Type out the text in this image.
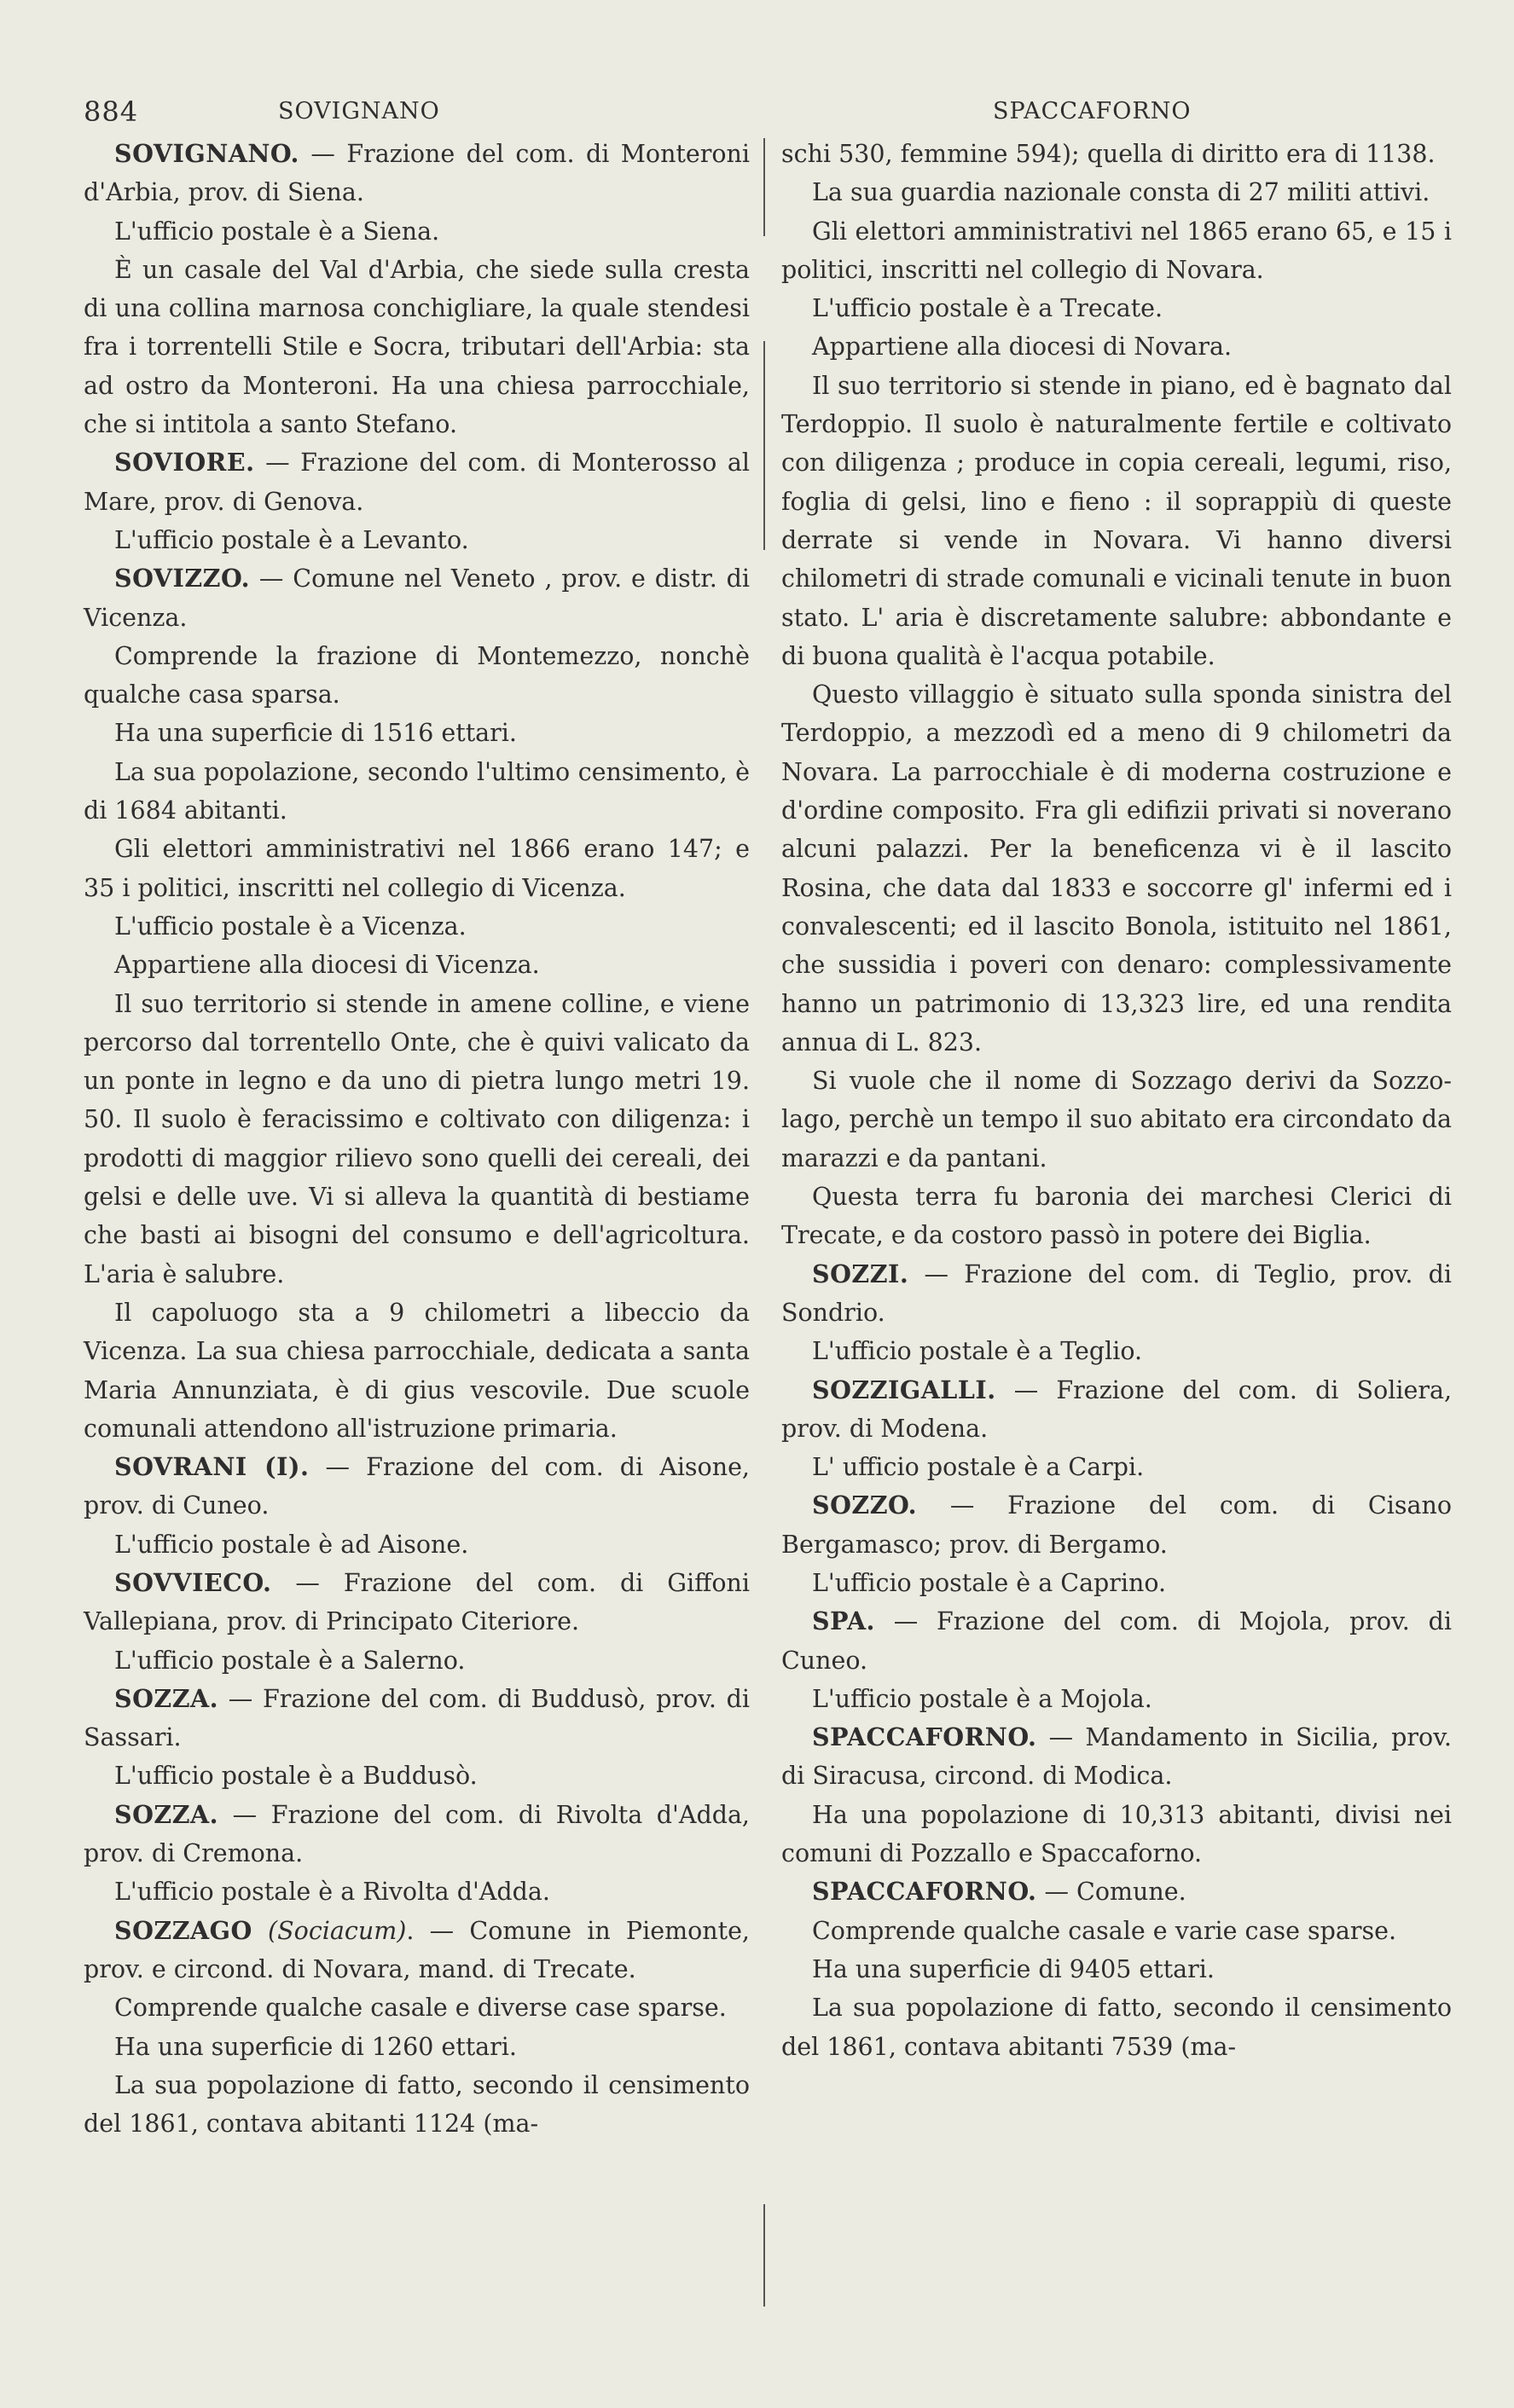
884	SOVIGNANO	SPACCAFORNO

SOVIGNANO. — Frazione del com. di Monteroni d'Arbia, prov. di Siena.

L'ufficio postale è a Siena.

È un casale del Val d'Arbia, che siede sulla cresta di una collina marnosa conchigliare, la quale stendesi fra i torrentelli Stile e Socra, tributari dell'Arbia: sta ad ostro da Monteroni. Ha una chiesa parrocchiale, che si intitola a santo Stefano.

SOVIORE. — Frazione del com. di Monterosso al Mare, prov. di Genova.

L'ufficio postale è a Levanto.

SOVIZZO. — Comune nel Veneto , prov. e distr. di Vicenza.

Comprende la frazione di Montemezzo, nonchè qualche casa sparsa.

Ha una superficie di 1516 ettari.

La sua popolazione, secondo l'ultimo censimento, è di 1684 abitanti.

Gli elettori amministrativi nel 1866 erano 147; e 35 i politici, inscritti nel collegio di Vicenza.

L'ufficio postale è a Vicenza.

Appartiene alla diocesi di Vicenza.

Il suo territorio si stende in amene colline, e viene percorso dal torrentello Onte, che è quivi valicato da un ponte in legno e da uno di pietra lungo metri 19. 50. Il suolo è feracissimo e coltivato con diligenza: i prodotti di maggior rilievo sono quelli dei cereali, dei gelsi e delle uve. Vi si alleva la quantità di bestiame che basti ai bisogni del consumo e dell'agricoltura. L'aria è salubre.

Il capoluogo sta a 9 chilometri a libeccio da Vicenza. La sua chiesa parrocchiale, dedicata a santa Maria Annunziata, è di gius vescovile. Due scuole comunali attendono all'istruzione primaria.

SOVRANI (I). — Frazione del com. di Aisone, prov. di Cuneo.

L'ufficio postale è ad Aisone.

SOVVIECO. — Frazione del com. di Giffoni Vallepiana, prov. di Principato Citeriore.

L'ufficio postale è a Salerno.

SOZZA. — Frazione del com. di Buddusò, prov. di Sassari.

L'ufficio postale è a Buddusò.

SOZZA. — Frazione del com. di Rivolta d'Adda, prov. di Cremona.

L'ufficio postale è a Rivolta d'Adda.

SOZZAGO (Sociacum). — Comune in Piemonte, prov. e circond. di Novara, mand. di Trecate.

Comprende qualche casale e diverse case sparse.

Ha una superficie di 1260 ettari.

La sua popolazione di fatto, secondo il censimento del 1861, contava abitanti 1124 (ma-

schi 530, femmine 594); quella di diritto era di 1138.

La sua guardia nazionale consta di 27 militi attivi.

Gli elettori amministrativi nel 1865 erano 65, e 15 i politici, inscritti nel collegio di Novara.

L'ufficio postale è a Trecate.

Appartiene alla diocesi di Novara.

Il suo territorio si stende in piano, ed è bagnato dal Terdoppio. Il suolo è naturalmente fertile e coltivato con diligenza ; produce in copia cereali, legumi, riso, foglia di gelsi, lino e fieno : il soprappiù di queste derrate si vende in Novara. Vi hanno diversi chilometri di strade comunali e vicinali tenute in buon stato. L' aria è discretamente salubre: abbondante e di buona qualità è l'acqua potabile.

Questo villaggio è situato sulla sponda sinistra del Terdoppio, a mezzodì ed a meno di 9 chilometri da Novara. La parrocchiale è di moderna costruzione e d'ordine composito. Fra gli edifizii privati si noverano alcuni palazzi. Per la beneficenza vi è il lascito Rosina, che data dal 1833 e soccorre gl' infermi ed i convalescenti; ed il lascito Bonola, istituito nel 1861, che sussidia i poveri con denaro: complessivamente hanno un patrimonio di 13,323 lire, ed una rendita annua di L. 823.

Si vuole che il nome di Sozzago derivi da Sozzo-lago, perchè un tempo il suo abitato era circondato da marazzi e da pantani.

Questa terra fu baronia dei marchesi Clerici di Trecate, e da costoro passò in potere dei Biglia.

SOZZI. — Frazione del com. di Teglio, prov. di Sondrio.

L'ufficio postale è a Teglio.

SOZZIGALLI. — Frazione del com. di Soliera, prov. di Modena.

L' ufficio postale è a Carpi.

SOZZO. — Frazione del com. di Cisano Bergamasco; prov. di Bergamo.

L'ufficio postale è a Caprino.

SPA. — Frazione del com. di Mojola, prov. di Cuneo.

L'ufficio postale è a Mojola.

SPACCAFORNO. — Mandamento in Sicilia, prov. di Siracusa, circond. di Modica.

Ha una popolazione di 10,313 abitanti, divisi nei comuni di Pozzallo e Spaccaforno.

SPACCAFORNO. — Comune.

Comprende qualche casale e varie case sparse.

Ha una superficie di 9405 ettari.

La sua popolazione di fatto, secondo il censimento del 1861, contava abitanti 7539 (ma-
